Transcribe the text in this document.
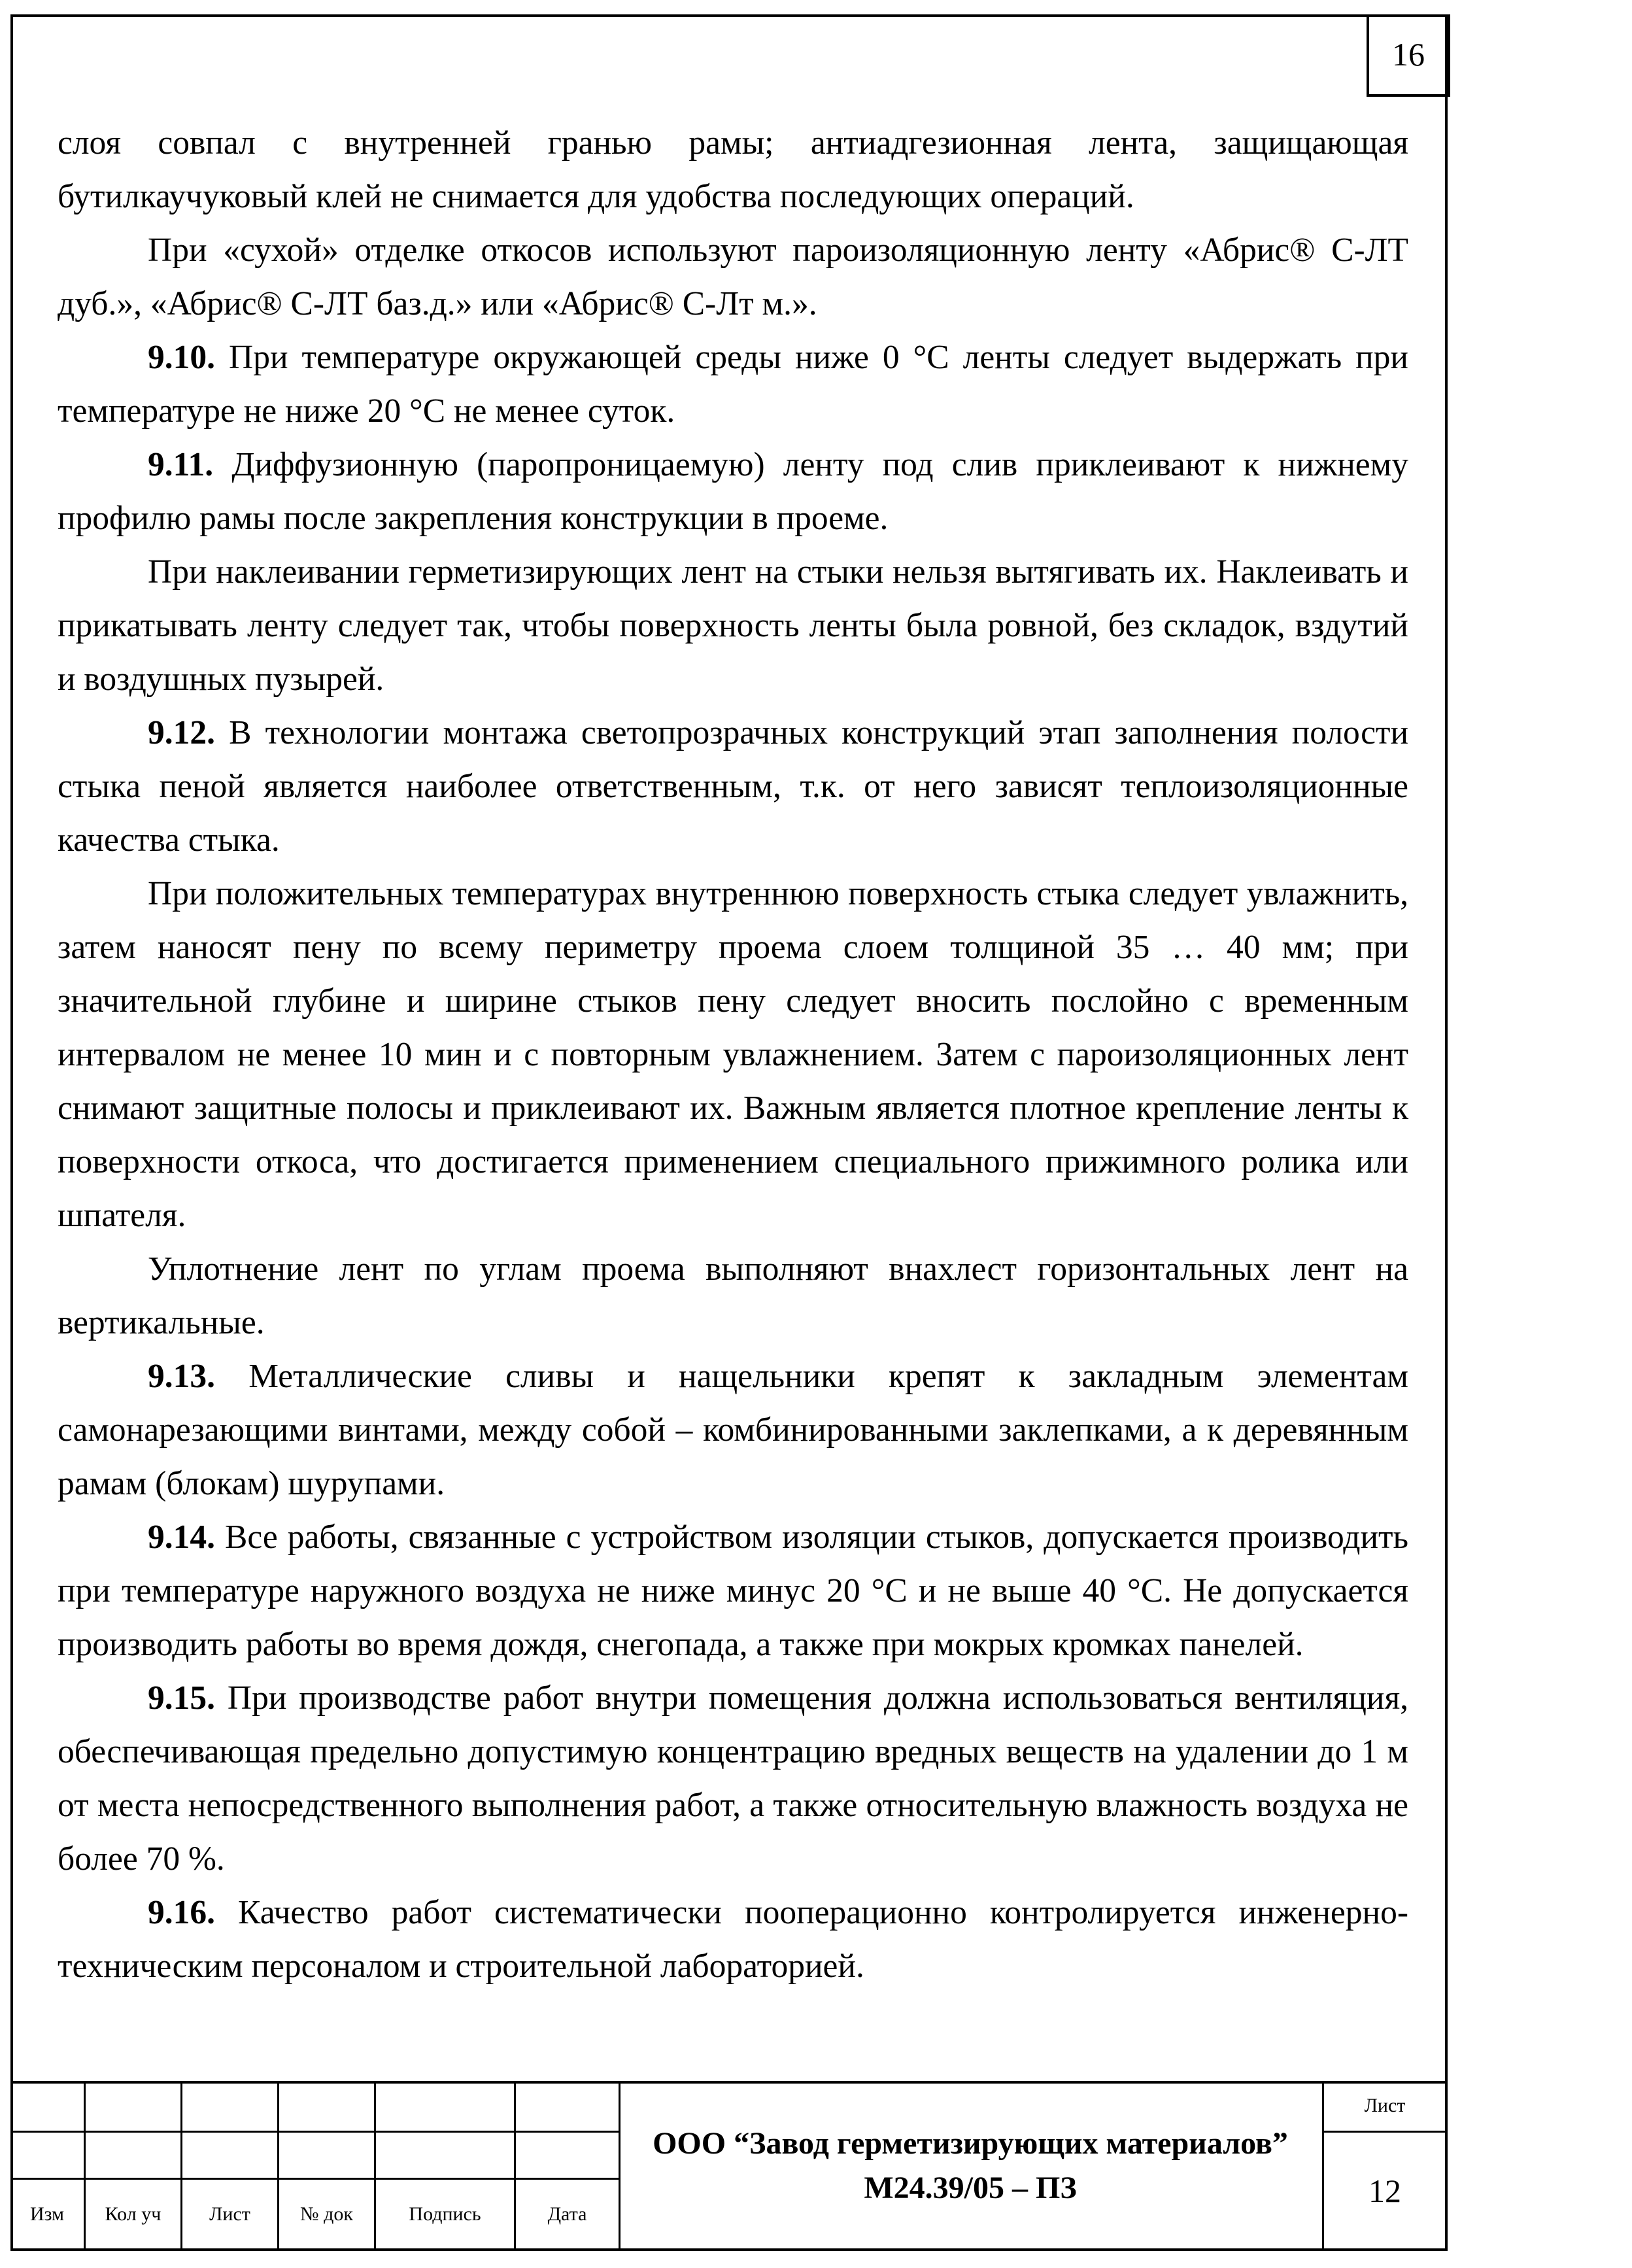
16

слоя совпал с внутренней гранью рамы; антиадгезионная лента, защищающая бутилкаучуковый клей не снимается для удобства последующих операций.

При «сухой» отделке откосов используют пароизоляционную ленту «Абрис® С-ЛТ дуб.», «Абрис® С-ЛТ баз.д.» или «Абрис® С-Лт м.».

9.10. При температуре окружающей среды ниже 0 °С ленты следует выдержать при температуре не ниже 20 °С не менее суток.

9.11. Диффузионную (паропроницаемую) ленту под слив приклеивают к нижнему профилю рамы после закрепления конструкции в проеме.

При наклеивании герметизирующих лент на стыки нельзя вытягивать их. Наклеивать и прикатывать ленту следует так, чтобы поверхность ленты была ровной, без складок, вздутий и воздушных пузырей.

9.12. В технологии монтажа светопрозрачных конструкций этап заполнения полости стыка пеной является наиболее ответственным, т.к. от него зависят теплоизоляционные качества стыка.

При положительных температурах внутреннюю поверхность стыка следует увлажнить, затем наносят пену по всему периметру проема слоем толщиной 35 … 40 мм; при значительной глубине и ширине стыков пену следует вносить послойно с временным интервалом не менее 10 мин и с повторным увлажнением. Затем с пароизоляционных лент снимают защитные полосы и приклеивают их. Важным является плотное крепление ленты к поверхности откоса, что достигается применением специального прижимного ролика или шпателя.

Уплотнение лент по углам проема выполняют внахлест горизонтальных лент на вертикальные.

9.13. Металлические сливы и нащельники крепят к закладным элементам самонарезающими винтами, между собой – комбинированными заклепками, а к деревянным рамам (блокам) шурупами.

9.14. Все работы, связанные с устройством изоляции стыков, допускается производить при температуре наружного воздуха не ниже минус 20 °С и не выше 40 °С. Не допускается производить работы во время дождя, снегопада, а также при мокрых кромках панелей.

9.15. При производстве работ внутри помещения должна использоваться вентиляция, обеспечивающая предельно допустимую концентрацию вредных веществ на удалении до 1 м от места непосредственного выполнения работ, а также относительную влажность воздуха не более 70 %.

9.16. Качество работ систематически пооперационно контролируется инженерно-техническим персоналом и строительной лабораторией.

Изм	Кол уч	Лист	№ док	Подпись	Дата
ООО “Завод герметизирующих материалов”
М24.39/05 – ПЗ
Лист
12
